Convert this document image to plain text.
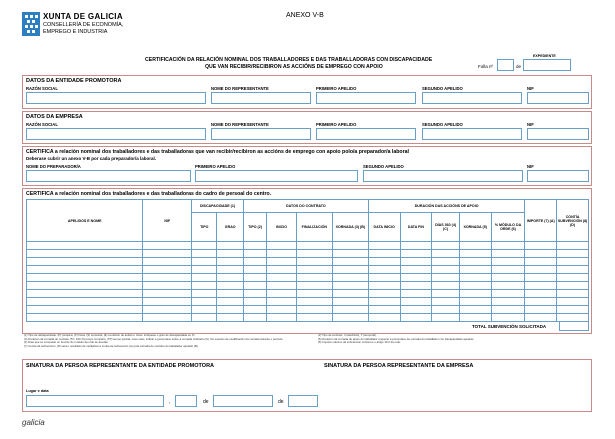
XUNTA DE GALICIA
CONSELLERÍA DE ECONOMÍA,
EMPREGO E INDUSTRIA
ANEXO V-B
CERTIFICACIÓN DA RELACIÓN NOMINAL DOS TRABALLADORES E DAS TRABALLADORAS CON DISCAPACIDADE
QUE VAN RECIBIR/RECIBIRON AS ACCIÓNS DE EMPREGO CON APOIO
EXPEDIENTE
Folla nº	de
DATOS DA ENTIDADE PROMOTORA
RAZÓN SOCIAL	NOME DO REPRESENTANTE	PRIMEIRO APELIDO	SEGUNDO APELIDO	NIF
DATOS DA EMPRESA
RAZÓN SOCIAL	NOME DO REPRESENTANTE	PRIMEIRO APELIDO	SEGUNDO APELIDO	NIF
CERTIFICA a relación nominal dos traballadores e das traballadoras que van recibir/recibiron as accións de emprego con apoio polo/a preparador/a laboral
Deberase cubrir un anexo V-B por cada preparador/a laboral.
NOME DO PREPARADOR/A	PRIMEIRO APELIDO	SEGUNDO APELIDO	NIF
CERTIFICA a relación nominal dos traballadores e das traballadoras do cadro de persoal do centro.
APELIDOS E NOME	NIF	DISCAPACIDADE (1)		DATOS DO CONTRATO				DURACIÓN DAS ACCIÓNS DE APOIO					IMPORTE (7) (A)	CONTÍA SUBVENCIÓN (8) (D)
		TIPO	GRAO	TIPO (2)	INICIO	FINALIZACIÓN	XORNADA (3) (B)	DATA INICIO	DATA FIN	DÍAS 360 (4) (C)	XORNADA (5)	% MÓDULO DA ORDE (6)		

TOTAL SUBVENCIÓN SOLICITADA
(1) Tipo de discapacidade: (P) psíquica, (F) física, (S) sensorial, (E) condición de autismo. Grao: indíquese o grao de discapacidade en %.
(3) Duración da xornada do contrato (TC: 100 %) tempo completo, (TP) tempo parcial, nese caso, indicar a porcentaxe sobre a xornada ordinaria (%). No suposto de modificación da xornada durante o período.
(4) Días que se computan en función do módulo da orde de axudas.
(7) Contía da subvención: (D) será o resultado de multiplicar a contía de subvención (A) pola xornada de contrato do traballador apoiado (B).
(2) Tipo de contrato: I (indefinido), T (temporal).
(5) Duración da xornada de apoio do traballador respecto á porcentaxe de xornada do traballador con discapacidade apoiado.
(6) Importe máximo da subvención conforme o artigo 19.2 da orde.
SINATURA DA PERSOA REPRESENTANTE DA ENTIDADE PROMOTORA	SINATURA DA PERSOA REPRESENTANTE DA EMPRESA
Lugar e data
,	de	de
galicia
